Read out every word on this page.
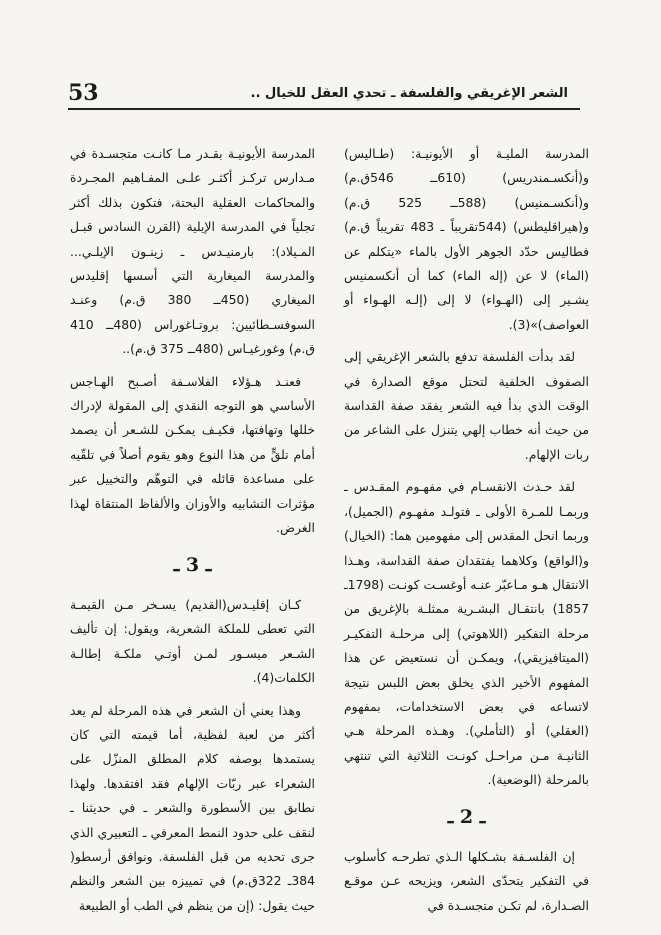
53	الشعر الإغريقي والفلسفة ـ تحدي العقل للخيال ..

المدرسة المليـة أو الأيونيـة: (طـاليس) و(أنكسـمندريس) (610ــ 546ق.م) و(أنكسـمنيس) (588ــ 525 ق.م) و(هيراقليطس) (544تقريباً ـ 483 تقريباً ق.م) فطاليس حدّد الجوهر الأول بالماء «يتكلم عن (الماء) لا عن (إله الماء) كما أن أنكسمنيس يشـير إلى (الهـواء) لا إلى (إلـه الهـواء أو العواصف)»(3).

لقد بدأت الفلسفة تدفع بالشعر الإغريقي إلى الصفوف الخلفية لتحتل موقع الصدارة في الوقت الذي بدأ فيه الشعر يفقد صفة القداسة من حيث أنه خطاب إلهي يتنزل على الشاعر من ربات الإلهام.

لقد حـدث الانقسـام في مفهـوم المقـدس ـ وربمـا للمـرة الأولى ـ فتولـد مفهـوم (الجميل)، وربما انحل المقدس إلى مفهومين هما: (الخيال) و(الواقع) وكلاهما يفتقدان صفة القداسة، وهـذا الانتقال هـو مـاعبّر عنـه أوغسـت كونـت (1798ـ 1857) بانتقـال البشـرية ممثلـة بالإغريق من مرحلة التفكير (اللاهوتي) إلى مرحلـة التفكيـر (الميتافيزيقي)، ويمكـن أن نستعيض عن هذا المفهوم الأخير الذي يخلق بعض اللبس نتيجة لاتساعه في بعض الاستخدامات، بمفهوم (العقلي) أو (التأملي). وهـذه المرحلة هـي الثانيـة مـن مراحـل كونـت الثلاثية التي تنتهي بالمرحلة (الوضعية).

ـ 2 ـ

إن الفلسـفة بشـكلها الـذي تطرحـه كأسلوب في التفكير يتحدّى الشعر، ويزيحه عـن موقـع الصـدارة، لم تكـن متجسـدة في

المدرسة الأيونيـة بقـدر مـا كانـت متجسـدة في مـدارس تركـز أكثـر علـى المفـاهيم المجـردة والمحاكمات العقلية البحتة، فتكون بذلك أكثر تجلياً في المدرسة الإيلية (القرن السادس قبـل المـيلاد): بارمنيـدس ـ زينـون الإيلـي... والمدرسة الميغارية التي أسسها إقليدس الميغاري (450ــ 380 ق.م) وعنـد السوفسـطائيين: بروتـاغوراس (480ــ 410 ق.م) وغورغيـاس (480ــ 375 ق.م)..

فعنـد هـؤلاء الفلاسـفة أصـبح الهـاجس الأساسي هو التوجه النقدي إلى المقولة لإدراك خللها وتهافتها، فكيـف يمكـن للشـعر أن يصمد أمام تلقٍّ من هذا النوع وهو يقوم أصلاً في تلقّيه على مساعدة قائله في التوهّم والتخييل عبر مؤثرات التشابيه والأوزان والألفاظ المنتقاة لهذا الغرض.

ـ 3 ـ

كـان إقليـدس(القديم) يسـخر مـن القيمـة التي تعطى للملكة الشعرية، ويقول: إن تأليف الشـعر ميسـور لمـن أوتـي ملكـة إطالـة الكلمات(4).

وهذا يعني أن الشعر في هذه المرحلة لم يعد أكثر من لعبة لفظية، أما قيمته التي كان يستمدها بوصفه كلام المطلق المنزّل على الشعراء عبر ربّات الإلهام فقد افتقدها. ولهذا نطابق بين الأسطورة والشعر ـ في حديثنا ـ لنقف على حدود النمط المعرفي ـ التعبيري الذي جرى تحديه من قبل الفلسفة. ونوافق أرسطو( 384ـ 322ق.م) في تمييزه بين الشعر والنظم حيث يقول: (إن من ينظم في الطب أو الطبيعة
